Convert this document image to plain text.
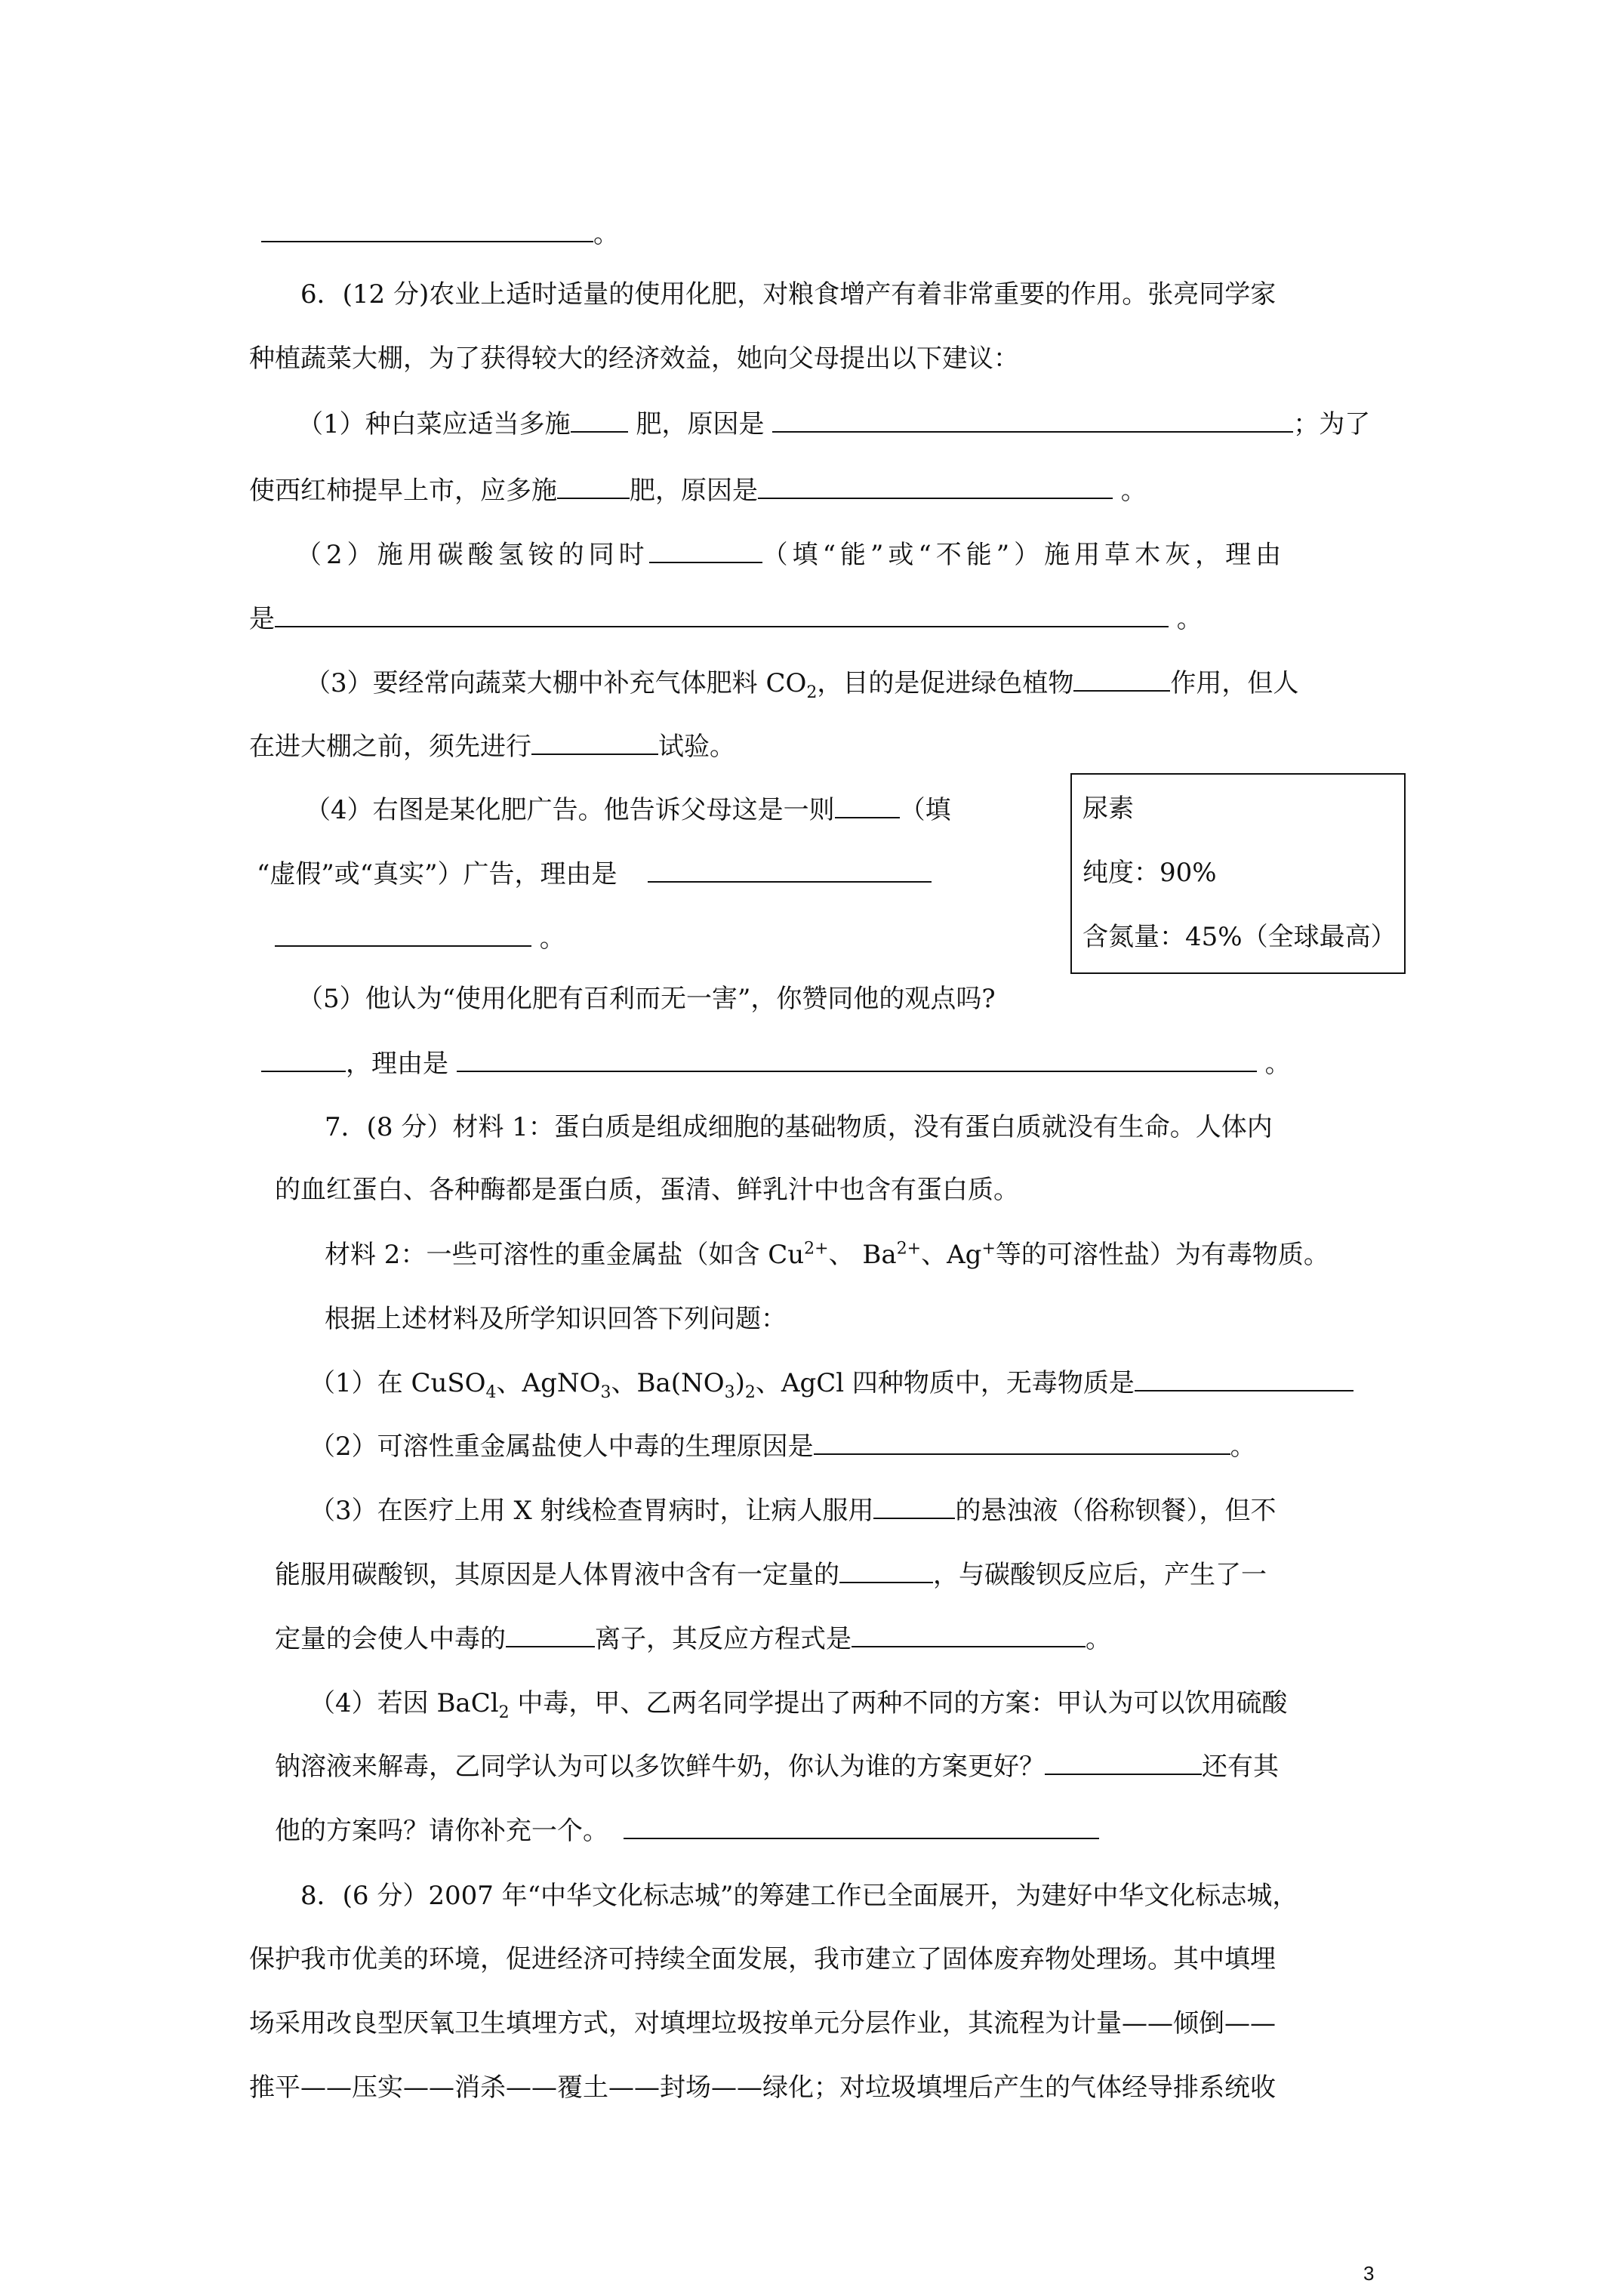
。
6．(12 分)农业上适时适量的使用化肥，对粮食增产有着非常重要的作用。张亮同学家
种植蔬菜大棚，为了获得较大的经济效益，她向父母提出以下建议：
（1）种白菜应适当多施 肥，原因是	；为了
使西红柿提早上市，应多施	肥，原因是	。
（2）施用碳酸氢铵的同时	（填“能”或“不能”）施用草木灰，理由
是	。
（3）要经常向蔬菜大棚中补充气体肥料 $CO_2$，目的是促进绿色植物	作用，但人
在进大棚之前，须先进行	试验。
（4）右图是某化肥广告。他告诉父母这是一则	（填
“虚假”或“真实”）广告，理由是
。
尿素
纯度：90%
含氮量：45%（全球最高）
（5）他认为“使用化肥有百利而无一害”，你赞同他的观点吗?
，理由是	。
7．(8 分）材料 1：蛋白质是组成细胞的基础物质，没有蛋白质就没有生命。人体内
的血红蛋白、各种酶都是蛋白质，蛋清、鲜乳汁中也含有蛋白质。
材料 2：一些可溶性的重金属盐（如含 $Cu^{2+}$、 $Ba^{2+}$、Ag+等的可溶性盐）为有毒物质。
根据上述材料及所学知识回答下列问题：
（1）在 CuSO$_4$、AgNO$_3$、$Ba(NO_3)_2$、AgCl 四种物质中，无毒物质是
（2）可溶性重金属盐使人中毒的生理原因是	。
（3）在医疗上用 X 射线检查胃病时，让病人服用	的悬浊液（俗称钡餐），但不
能服用碳酸钡，其原因是人体胃液中含有一定量的	，与碳酸钡反应后，产生了一
定量的会使人中毒的	离子，其反应方程式是	。
（4）若因 BaCl$_2$ 中毒，甲、乙两名同学提出了两种不同的方案：甲认为可以饮用硫酸
钠溶液来解毒，乙同学认为可以多饮鲜牛奶，你认为谁的方案更好？	还有其
他的方案吗？请你补充一个。
8．(6 分）2007 年“中华文化标志城”的筹建工作已全面展开，为建好中华文化标志城，
保护我市优美的环境，促进经济可持续全面发展，我市建立了固体废弃物处理场。其中填埋
场采用改良型厌氧卫生填埋方式，对填埋垃圾按单元分层作业，其流程为计量——倾倒——
推平——压实——消杀——覆土——封场——绿化；对垃圾填埋后产生的气体经导排系统收
3
